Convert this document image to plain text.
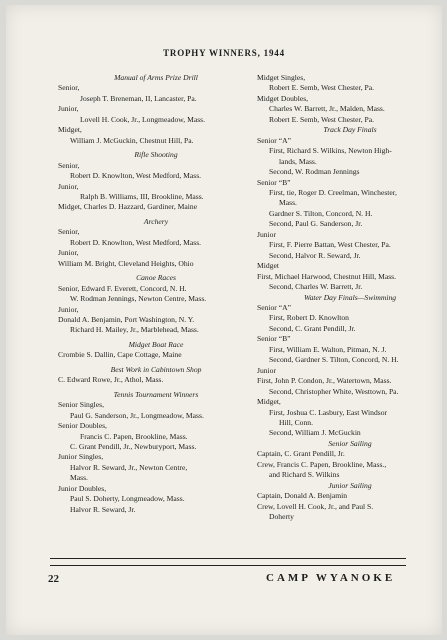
TROPHY WINNERS, 1944
Manual of Arms Prize Drill
Senior,
Joseph T. Breneman, II, Lancaster, Pa.
Junior,
Lovell H. Cook, Jr., Longmeadow, Mass.
Midget,
William J. McGuckin, Chestnut Hill, Pa.
Rifle Shooting
Senior,
Robert D. Knowlton, West Medford, Mass.
Junior,
Ralph B. Williams, III, Brookline, Mass.
Midget, Charles D. Hazzard, Gardiner, Maine
Archery
Senior,
Robert D. Knowlton, West Medford, Mass.
Junior,
William M. Bright, Cleveland Heights, Ohio
Canoe Races
Senior, Edward F. Everett, Concord, N. H.
W. Rodman Jennings, Newton Centre, Mass.
Junior,
Donald A. Benjamin, Port Washington, N. Y.
Richard H. Mailey, Jr., Marblehead, Mass.
Midget Boat Race
Crombie S. Dallin, Cape Cottage, Maine
Best Work in Cabintown Shop
C. Edward Rowe, Jr., Athol, Mass.
Tennis Tournament Winners
Senior Singles,
Paul G. Sanderson, Jr., Longmeadow, Mass.
Senior Doubles,
Francis C. Papen, Brookline, Mass.
C. Grant Pendill, Jr., Newburyport, Mass.
Junior Singles,
Halvor R. Seward, Jr., Newton Centre,
Mass.
Junior Doubles,
Paul S. Doherty, Longmeadow, Mass.
Halvor R. Seward, Jr.
Midget Singles,
Robert E. Semb, West Chester, Pa.
Midget Doubles,
Charles W. Barrett, Jr., Malden, Mass.
Robert E. Semb, West Chester, Pa.
Track Day Finals
Senior “A”
First, Richard S. Wilkins, Newton High-
lands, Mass.
Second, W. Rodman Jennings
Senior “B”
First, tie, Roger D. Creelman, Winchester,
Mass.
Gardner S. Tilton, Concord, N. H.
Second, Paul G. Sanderson, Jr.
Junior
First, F. Pierre Battan, West Chester, Pa.
Second, Halvor R. Seward, Jr.
Midget
First, Michael Harwood, Chestnut Hill, Mass.
Second, Charles W. Barrett, Jr.
Water Day Finals—Swimming
Senior “A”
First, Robert D. Knowlton
Second, C. Grant Pendill, Jr.
Senior “B”
First, William E. Walton, Pitman, N. J.
Second, Gardner S. Tilton, Concord, N. H.
Junior
First, John P. Condon, Jr., Watertown, Mass.
Second, Christopher White, Westtown, Pa.
Midget,
First, Joshua C. Lasbury, East Windsor
Hill, Conn.
Second, William J. McGuckin
Senior Sailing
Captain, C. Grant Pendill, Jr.
Crew, Francis C. Papen, Brookline, Mass.,
and Richard S. Wilkins
Junior Sailing
Captain, Donald A. Benjamin
Crew, Lovell H. Cook, Jr., and Paul S.
Doherty
22	CAMP WYANOKE
